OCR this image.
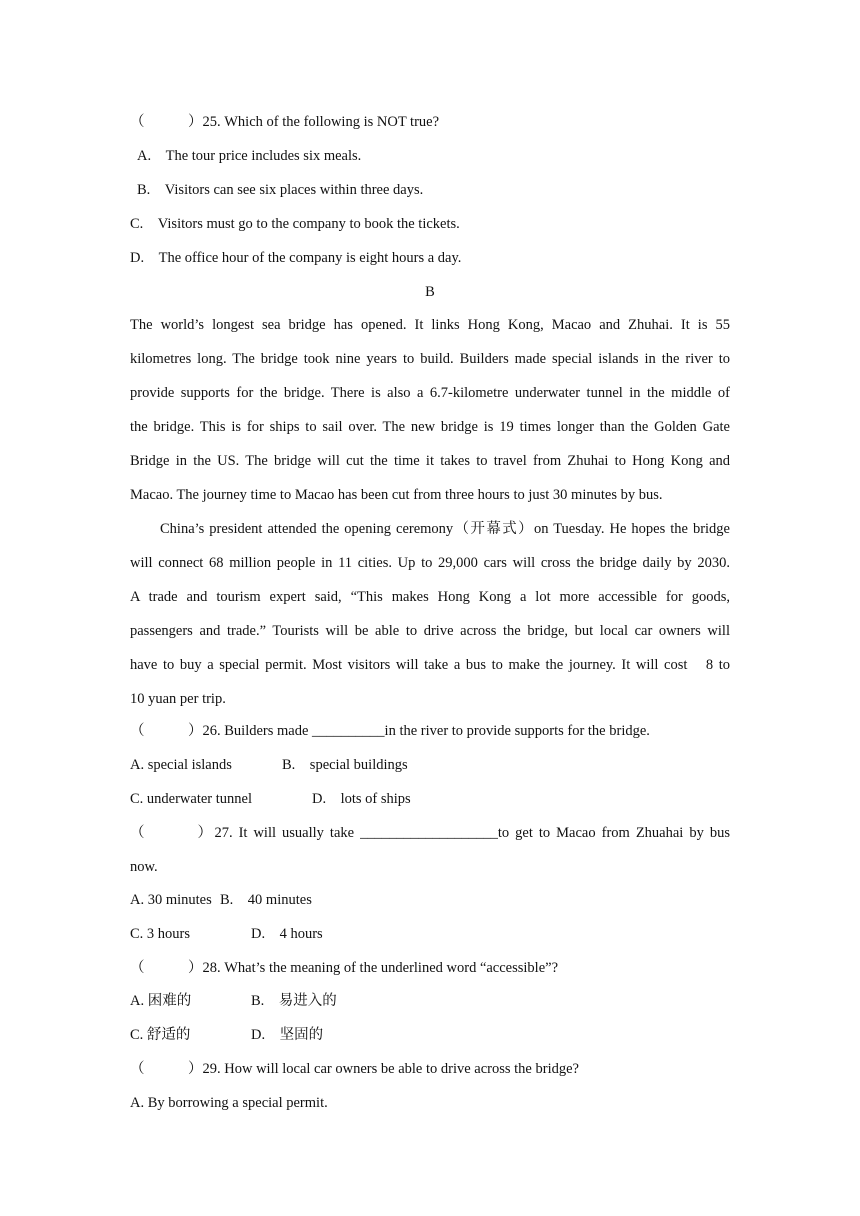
（　　　）25. Which of the following is NOT true?
A.　The tour price includes six meals.
B.　Visitors can see six places within three days.
C.　Visitors must go to the company to book the tickets.
D.　The office hour of the company is eight hours a day.
B
The world’s longest sea bridge has opened. It links Hong Kong, Macao and Zhuhai. It is 55
kilometres long. The bridge took nine years to build. Builders made special islands in the river to
provide supports for the bridge. There is also a 6.7-kilometre underwater tunnel in the middle of
the bridge. This is for ships to sail over. The new bridge is 19 times longer than the Golden Gate
Bridge in the US. The bridge will cut the time it takes to travel from Zhuhai to Hong Kong and
Macao. The journey time to Macao has been cut from three hours to just 30 minutes by bus.
China’s president attended the opening ceremony（开幕式）on Tuesday. He hopes the bridge
will connect 68 million people in 11 cities. Up to 29,000 cars will cross the bridge daily by 2030.
A trade and tourism expert said, “This makes Hong Kong a lot more accessible for goods,
passengers and trade.” Tourists will be able to drive across the bridge, but local car owners will
have to buy a special permit. Most visitors will take a bus to make the journey. It will cost　8 to
10 yuan per trip.
（　　　）26. Builders made __________in the river to provide supports for the bridge.
A. special islands	B.　special buildings
C. underwater tunnel	D.　lots of ships
（　　　）27. It will usually take ___________________to get to Macao from Zhuahai by bus
now.
A. 30 minutes B.　40 minutes
C. 3 hours	D.　4 hours
（　　　）28. What’s the meaning of the underlined word “accessible”?
A. 困难的	B.　易进入的
C. 舒适的	D.　坚固的
（　　　）29. How will local car owners be able to drive across the bridge?
A. By borrowing a special permit.
